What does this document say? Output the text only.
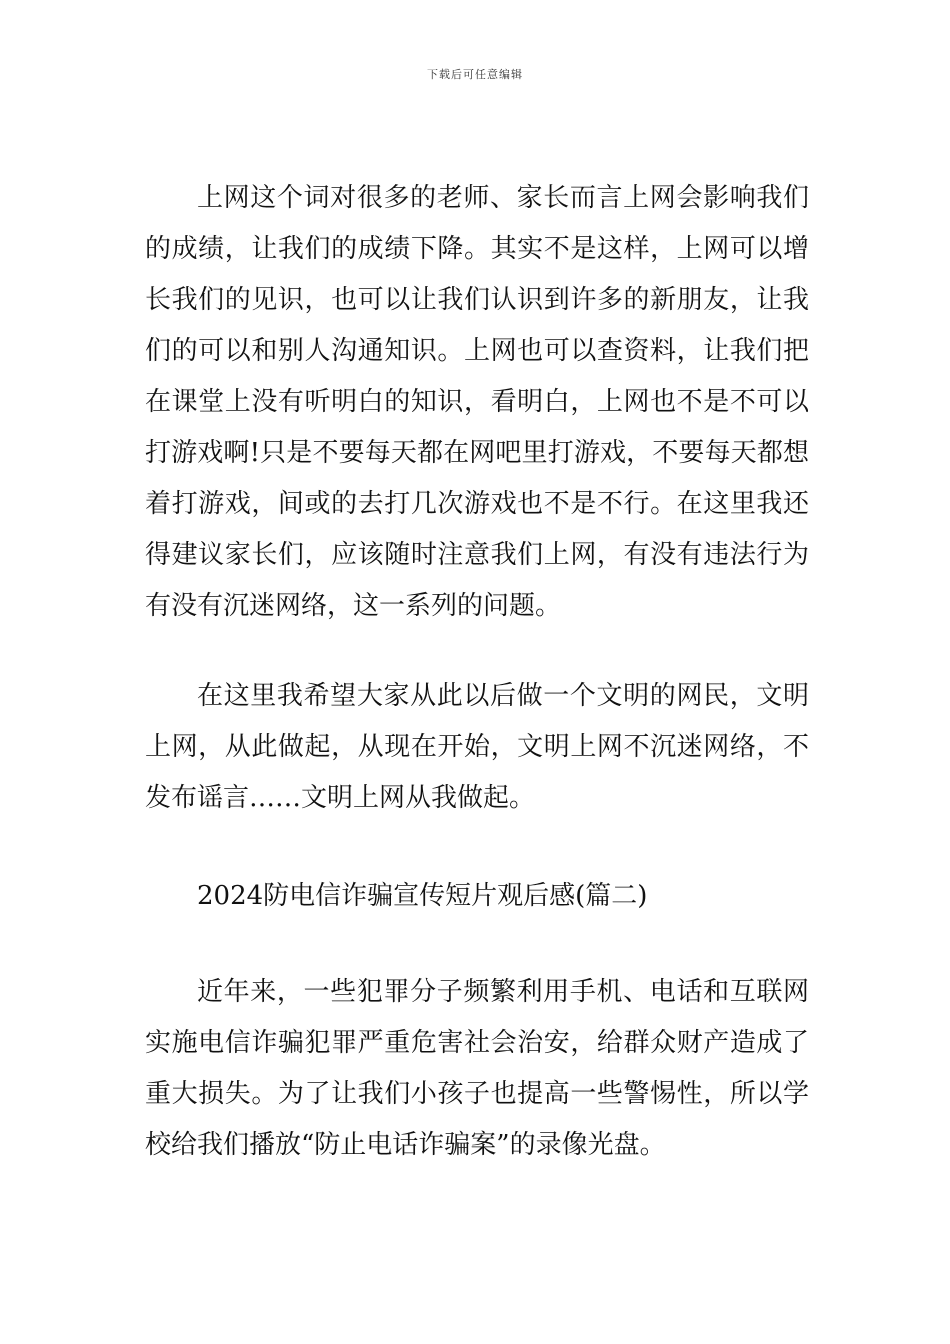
下载后可任意编辑

上网这个词对很多的老师、家长而言上网会影响我们的成绩，让我们的成绩下降。其实不是这样，上网可以增长我们的见识，也可以让我们认识到许多的新朋友，让我们的可以和别人沟通知识。上网也可以查资料，让我们把在课堂上没有听明白的知识，看明白，上网也不是不可以打游戏啊!只是不要每天都在网吧里打游戏，不要每天都想着打游戏，间或的去打几次游戏也不是不行。在这里我还得建议家长们，应该随时注意我们上网，有没有违法行为有没有沉迷网络，这一系列的问题。

在这里我希望大家从此以后做一个文明的网民，文明上网，从此做起，从现在开始，文明上网不沉迷网络，不发布谣言……文明上网从我做起。

2024防电信诈骗宣传短片观后感(篇二)

近年来，一些犯罪分子频繁利用手机、电话和互联网实施电信诈骗犯罪严重危害社会治安，给群众财产造成了重大损失。为了让我们小孩子也提高一些警惕性，所以学校给我们播放“防止电话诈骗案”的录像光盘。
